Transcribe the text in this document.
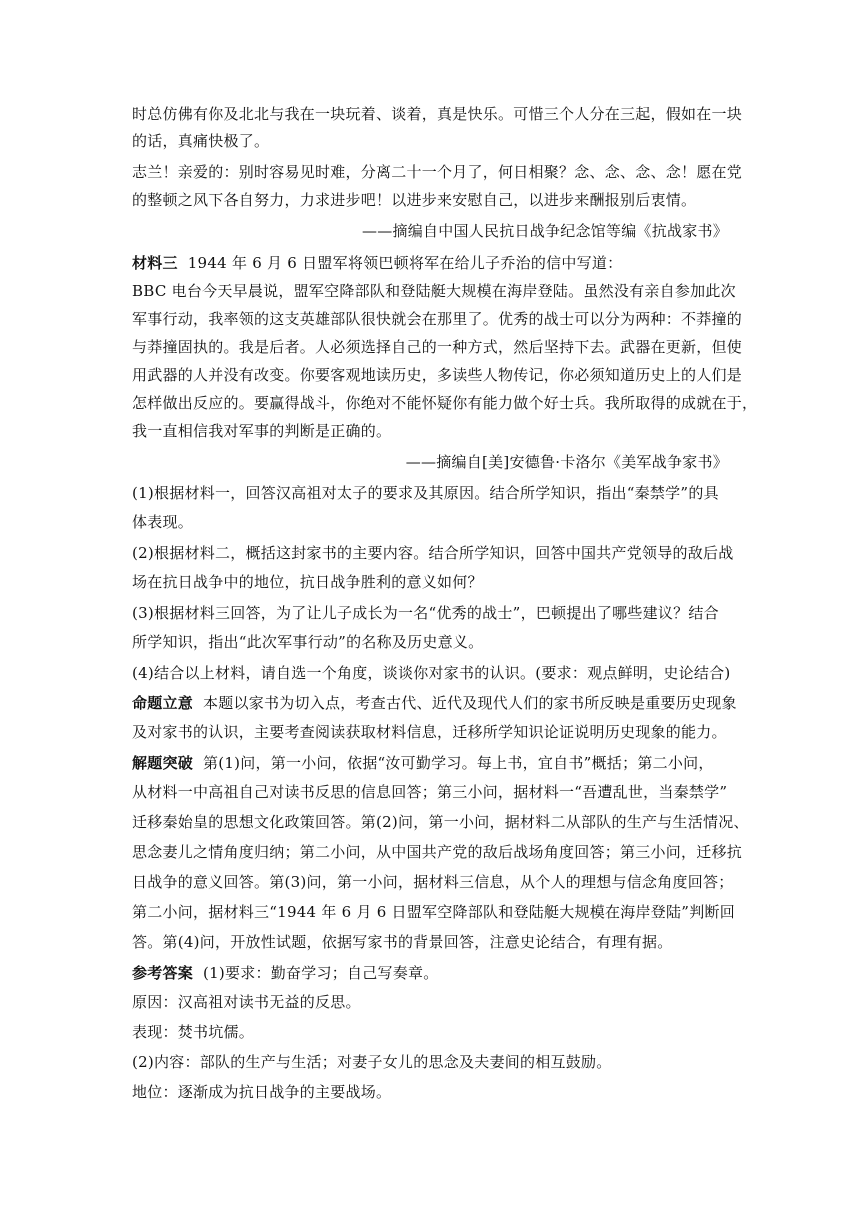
时总仿佛有你及北北与我在一块玩着、谈着，真是快乐。可惜三个人分在三起，假如在一块
的话，真痛快极了。
志兰！亲爱的：别时容易见时难，分离二十一个月了，何日相聚？念、念、念、念！愿在党
的整顿之风下各自努力，力求进步吧！以进步来安慰自己，以进步来酬报别后衷情。
——摘编自中国人民抗日战争纪念馆等编《抗战家书》
材料三 1944 年 6 月 6 日盟军将领巴顿将军在给儿子乔治的信中写道：
BBC 电台今天早晨说，盟军空降部队和登陆艇大规模在海岸登陆。虽然没有亲自参加此次
军事行动，我率领的这支英雄部队很快就会在那里了。优秀的战士可以分为两种：不莽撞的
与莽撞固执的。我是后者。人必须选择自己的一种方式，然后坚持下去。武器在更新，但使
用武器的人并没有改变。你要客观地读历史，多读些人物传记，你必须知道历史上的人们是
怎样做出反应的。要赢得战斗，你绝对不能怀疑你有能力做个好士兵。我所取得的成就在于，
我一直相信我对军事的判断是正确的。
——摘编自[美]安德鲁·卡洛尔《美军战争家书》
(1)根据材料一，回答汉高祖对太子的要求及其原因。结合所学知识，指出“秦禁学”的具
体表现。
(2)根据材料二，概括这封家书的主要内容。结合所学知识，回答中国共产党领导的敌后战
场在抗日战争中的地位，抗日战争胜利的意义如何？
(3)根据材料三回答，为了让儿子成长为一名“优秀的战士”，巴顿提出了哪些建议？结合
所学知识，指出“此次军事行动”的名称及历史意义。
(4)结合以上材料，请自选一个角度，谈谈你对家书的认识。(要求：观点鲜明，史论结合)
命题立意 本题以家书为切入点，考查古代、近代及现代人们的家书所反映是重要历史现象
及对家书的认识，主要考查阅读获取材料信息，迁移所学知识论证说明历史现象的能力。
解题突破 第(1)问，第一小问，依据“汝可勤学习。每上书，宜自书”概括；第二小问，
从材料一中高祖自己对读书反思的信息回答；第三小问，据材料一“吾遭乱世，当秦禁学”
迁移秦始皇的思想文化政策回答。第(2)问，第一小问，据材料二从部队的生产与生活情况、
思念妻儿之情角度归纳；第二小问，从中国共产党的敌后战场角度回答；第三小问，迁移抗
日战争的意义回答。第(3)问，第一小问，据材料三信息，从个人的理想与信念角度回答；
第二小问，据材料三“1944 年 6 月 6 日盟军空降部队和登陆艇大规模在海岸登陆”判断回
答。第(4)问，开放性试题，依据写家书的背景回答，注意史论结合，有理有据。
参考答案 (1)要求：勤奋学习；自己写奏章。
原因：汉高祖对读书无益的反思。
表现：焚书坑儒。
(2)内容：部队的生产与生活；对妻子女儿的思念及夫妻间的相互鼓励。
地位：逐渐成为抗日战争的主要战场。
